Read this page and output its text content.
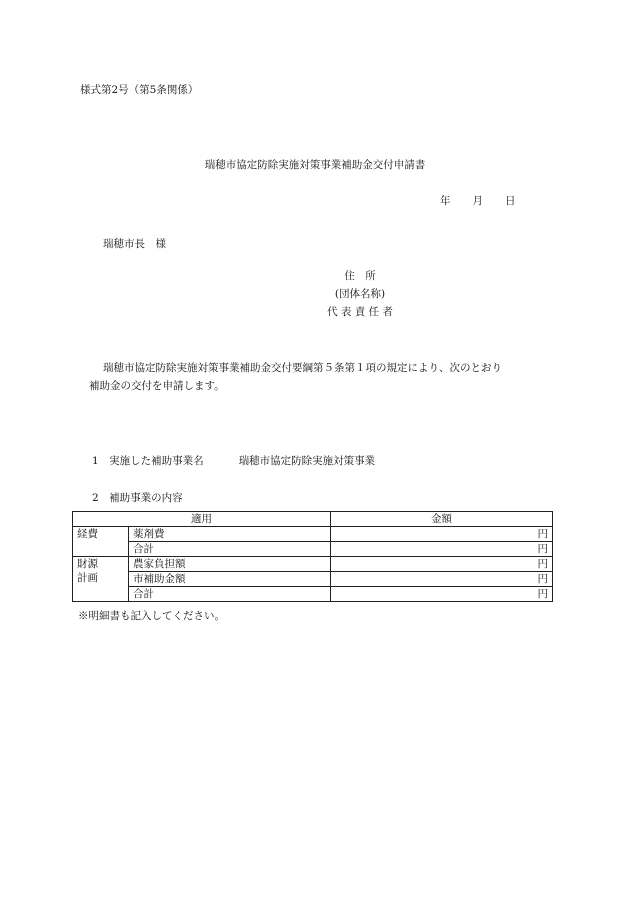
様式第2号（第5条関係）
瑞穂市協定防除実施対策事業補助金交付申請書
年 月 日
瑞穂市長　様
住　所
(団体名称)
代 表 責 任 者
瑞穂市協定防除実施対策事業補助金交付要綱第５条第１項の規定により、次のとおり
補助金の交付を申請します。
1　実施した補助事業名	瑞穂市協定防除実施対策事業
2　補助事業の内容
適用		金額
経費	薬剤費	円
	合計	円

財源
計画	農家負担額	円
	市補助金額	円
	合計	円
※明細書も記入してください。
